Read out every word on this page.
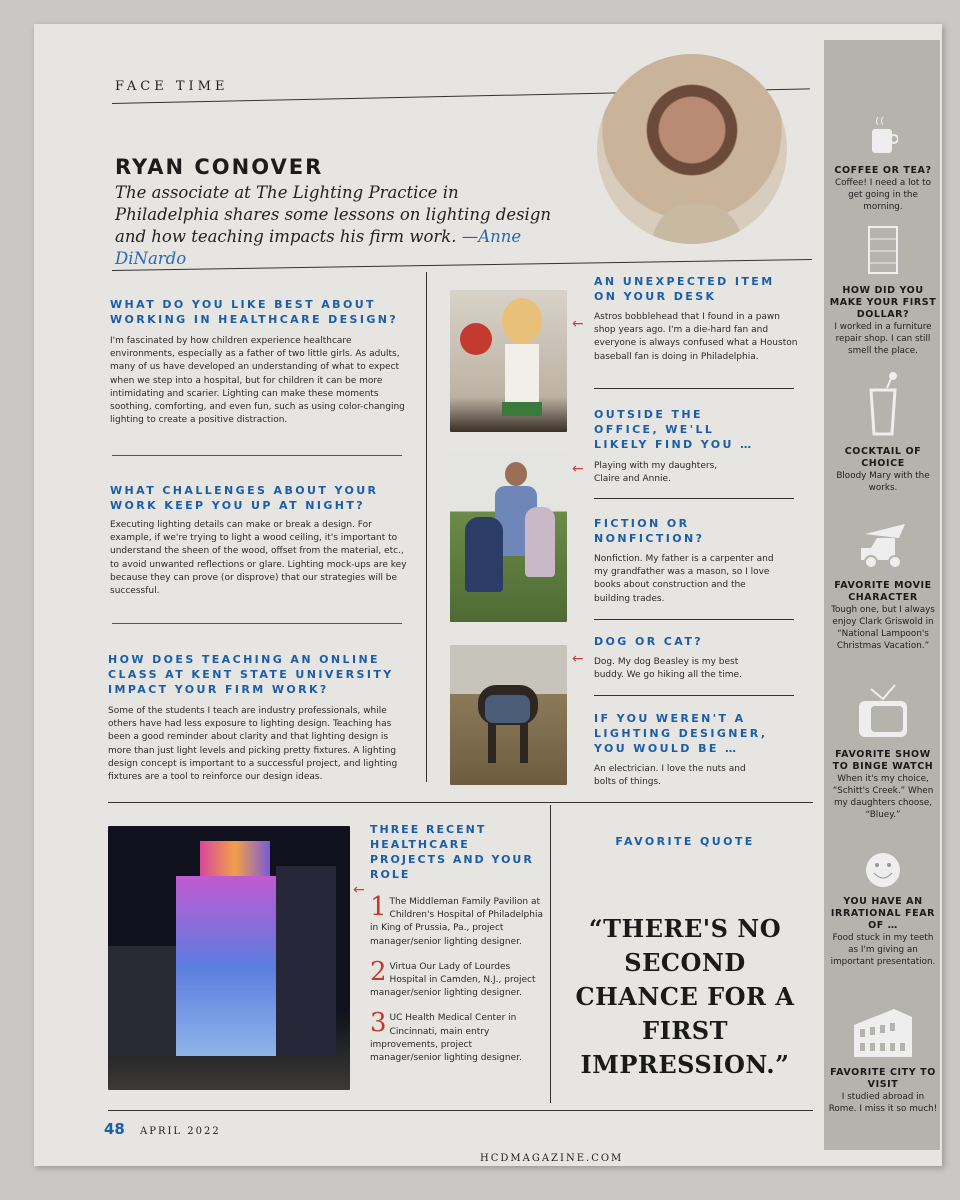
FACE TIME
RYAN CONOVER
The associate at The Lighting Practice in Philadelphia shares some lessons on lighting design and how teaching impacts his firm work. —Anne DiNardo
WHAT DO YOU LIKE BEST ABOUT WORKING IN HEALTHCARE DESIGN?
I'm fascinated by how children experience healthcare environments, especially as a father of two little girls. As adults, many of us have developed an understanding of what to expect when we step into a hospital, but for children it can be more intimidating and scarier. Lighting can make these moments soothing, comforting, and even fun, such as using color-changing lighting to create a positive distraction.
WHAT CHALLENGES ABOUT YOUR WORK KEEP YOU UP AT NIGHT?
Executing lighting details can make or break a design. For example, if we're trying to light a wood ceiling, it's important to understand the sheen of the wood, offset from the material, etc., to avoid unwanted reflections or glare. Lighting mock-ups are key because they can prove (or disprove) that our strategies will be successful.
HOW DOES TEACHING AN ONLINE CLASS AT KENT STATE UNIVERSITY IMPACT YOUR FIRM WORK?
Some of the students I teach are industry professionals, while others have had less exposure to lighting design. Teaching has been a good reminder about clarity and that lighting design is more than just light levels and picking pretty fixtures. A lighting design concept is important to a successful project, and lighting fixtures are a tool to reinforce our design ideas.
AN UNEXPECTED ITEM ON YOUR DESK
Astros bobblehead that I found in a pawn shop years ago. I'm a die-hard fan and everyone is always confused what a Houston baseball fan is doing in Philadelphia.
←
OUTSIDE THE OFFICE, WE'LL LIKELY FIND YOU …
Playing with my daughters, Claire and Annie.
←
FICTION OR NONFICTION?
Nonfiction. My father is a carpenter and my grandfather was a mason, so I love books about construction and the building trades.
DOG OR CAT?
Dog. My dog Beasley is my best buddy. We go hiking all the time.
←
IF YOU WEREN'T A LIGHTING DESIGNER, YOU WOULD BE …
An electrician. I love the nuts and bolts of things.
THREE RECENT HEALTHCARE PROJECTS AND YOUR ROLE
1 The Middleman Family Pavilion at Children's Hospital of Philadelphia in King of Prussia, Pa., project manager/senior lighting designer.
2 Virtua Our Lady of Lourdes Hospital in Camden, N.J., project manager/senior lighting designer.
3 UC Health Medical Center in Cincinnati, main entry improvements, project manager/senior lighting designer.
←
FAVORITE QUOTE
“THERE'S NO SECOND CHANCE FOR A FIRST IMPRESSION.”
48 APRIL 2022
HCDMAGAZINE.COM
COFFEE OR TEA?
Coffee! I need a lot to get going in the morning.
HOW DID YOU MAKE YOUR FIRST DOLLAR?
I worked in a furniture repair shop. I can still smell the place.
COCKTAIL OF CHOICE
Bloody Mary with the works.
FAVORITE MOVIE CHARACTER
Tough one, but I always enjoy Clark Griswold in “National Lampoon's Christmas Vacation.”
FAVORITE SHOW TO BINGE WATCH
When it's my choice, “Schitt's Creek.” When my daughters choose, “Bluey.”
YOU HAVE AN IRRATIONAL FEAR OF …
Food stuck in my teeth as I'm giving an important presentation.
FAVORITE CITY TO VISIT
I studied abroad in Rome. I miss it so much!
